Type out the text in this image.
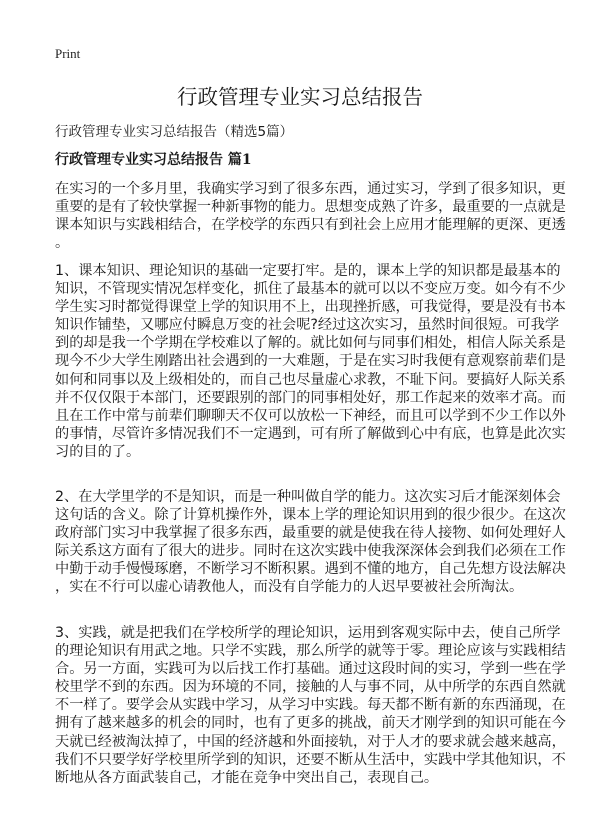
Print
行政管理专业实习总结报告
行政管理专业实习总结报告（精选5篇）
行政管理专业实习总结报告 篇1
在实习的一个多月里，我确实学习到了很多东西，通过实习，学到了很多知识，更
重要的是有了较快掌握一种新事物的能力。思想变成熟了许多，最重要的一点就是
课本知识与实践相结合，在学校学的东西只有到社会上应用才能理解的更深、更透
。
1、课本知识、理论知识的基础一定要打牢。是的，课本上学的知识都是最基本的
知识，不管现实情况怎样变化，抓住了最基本的就可以以不变应万变。如今有不少
学生实习时都觉得课堂上学的知识用不上，出现挫折感，可我觉得，要是没有书本
知识作铺垫，又哪应付瞬息万变的社会呢?经过这次实习，虽然时间很短。可我学
到的却是我一个学期在学校难以了解的。就比如何与同事们相处，相信人际关系是
现今不少大学生刚踏出社会遇到的一大难题，于是在实习时我便有意观察前辈们是
如何和同事以及上级相处的，而自己也尽量虚心求教，不耻下问。要搞好人际关系
并不仅仅限于本部门，还要跟别的部门的同事相处好，那工作起来的效率才高。而
且在工作中常与前辈们聊聊天不仅可以放松一下神经，而且可以学到不少工作以外
的事情，尽管许多情况我们不一定遇到，可有所了解做到心中有底，也算是此次实
习的目的了。
2、在大学里学的不是知识，而是一种叫做自学的能力。这次实习后才能深刻体会
这句话的含义。除了计算机操作外，课本上学的理论知识用到的很少很少。在这次
政府部门实习中我掌握了很多东西，最重要的就是使我在待人接物、如何处理好人
际关系这方面有了很大的进步。同时在这次实践中使我深深体会到我们必须在工作
中勤于动手慢慢琢磨，不断学习不断积累。遇到不懂的地方，自己先想方设法解决
，实在不行可以虚心请教他人，而没有自学能力的人迟早要被社会所淘汰。
3、实践，就是把我们在学校所学的理论知识，运用到客观实际中去，使自己所学
的理论知识有用武之地。只学不实践，那么所学的就等于零。理论应该与实践相结
合。另一方面，实践可为以后找工作打基础。通过这段时间的实习，学到一些在学
校里学不到的东西。因为环境的不同，接触的人与事不同，从中所学的东西自然就
不一样了。要学会从实践中学习，从学习中实践。每天都不断有新的东西涌现，在
拥有了越来越多的机会的同时，也有了更多的挑战，前天才刚学到的知识可能在今
天就已经被淘汰掉了，中国的经济越和外面接轨，对于人才的要求就会越来越高，
我们不只要学好学校里所学到的知识，还要不断从生活中，实践中学其他知识，不
断地从各方面武装自己，才能在竞争中突出自己，表现自己。
